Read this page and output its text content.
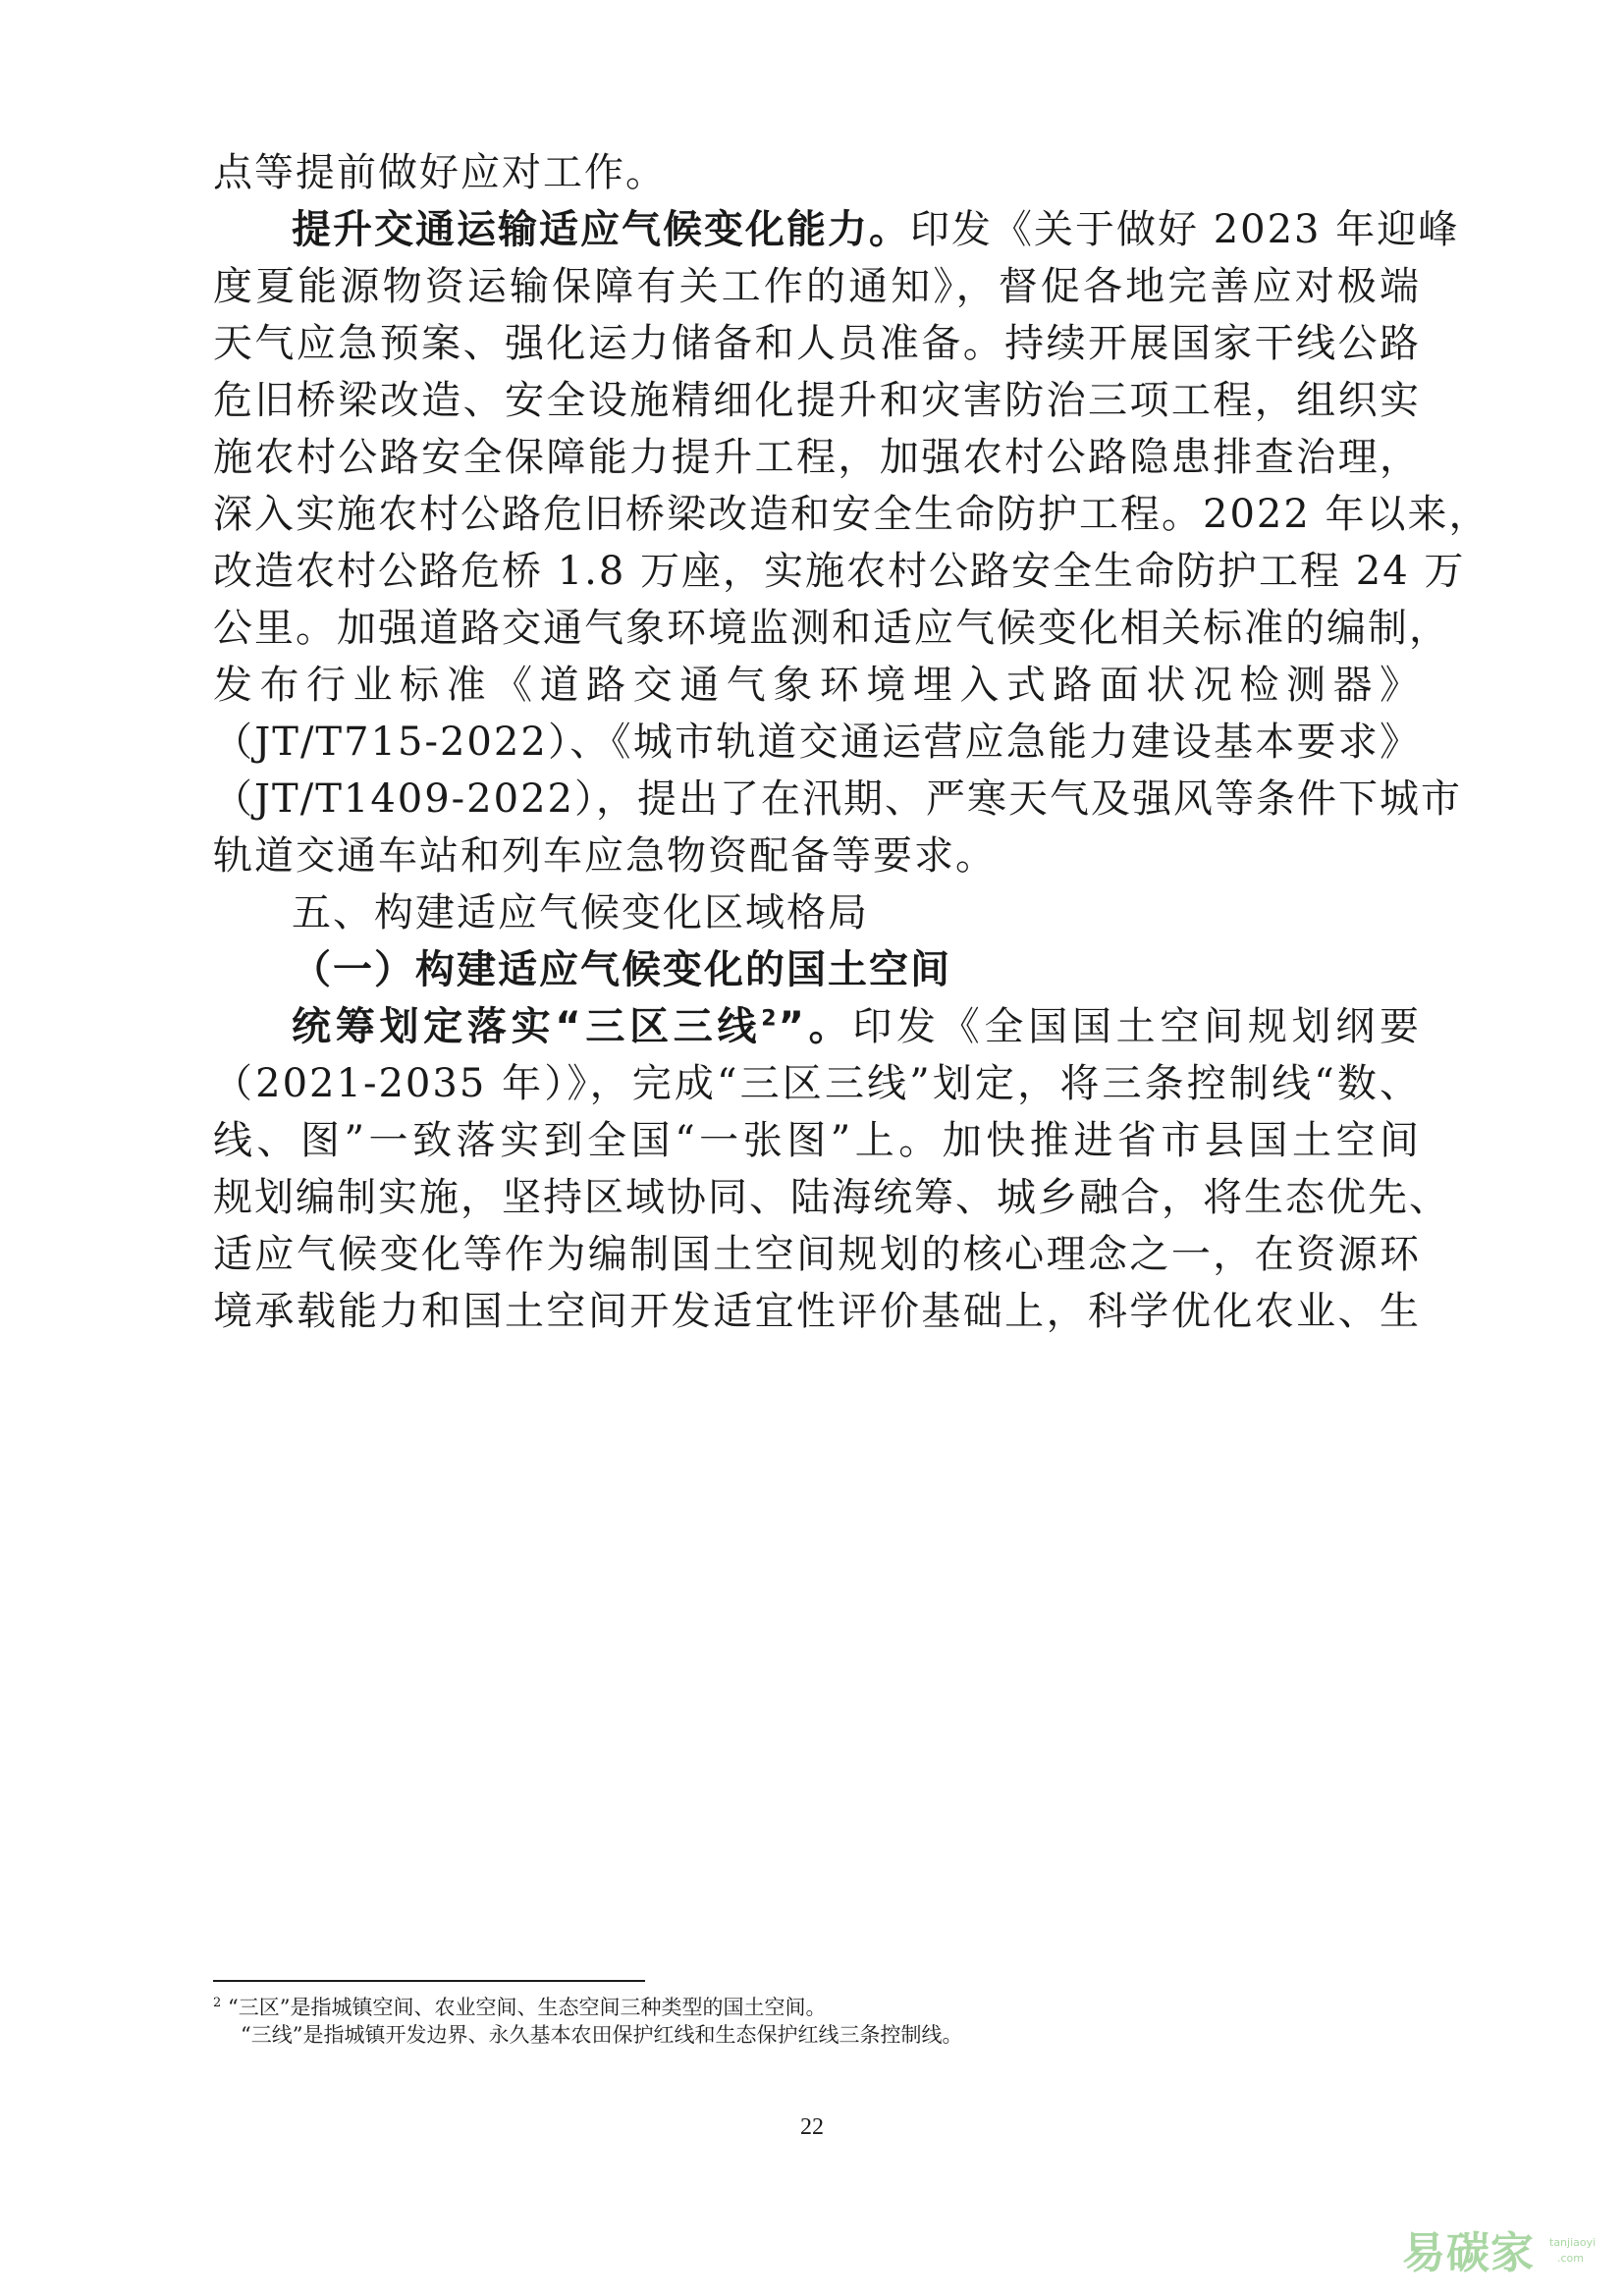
点等提前做好应对工作。
提升交通运输适应气候变化能力。印发《关于做好 2023 年迎峰
度夏能源物资运输保障有关工作的通知》，督促各地完善应对极端
天气应急预案、强化运力储备和人员准备。持续开展国家干线公路
危旧桥梁改造、安全设施精细化提升和灾害防治三项工程，组织实
施农村公路安全保障能力提升工程，加强农村公路隐患排查治理，
深入实施农村公路危旧桥梁改造和安全生命防护工程。2022 年以来，
改造农村公路危桥 1.8 万座，实施农村公路安全生命防护工程 24 万
公里。加强道路交通气象环境监测和适应气候变化相关标准的编制，
发布行业标准《道路交通气象环境埋入式路面状况检测器》
（JT/T715-2022）、《城市轨道交通运营应急能力建设基本要求》
（JT/T1409-2022），提出了在汛期、严寒天气及强风等条件下城市
轨道交通车站和列车应急物资配备等要求。
五、构建适应气候变化区域格局
（一）构建适应气候变化的国土空间
统筹划定落实“三区三线$^2$”。印发《全国国土空间规划纲要
（2021-2035 年）》，完成“三区三线”划定，将三条控制线“数、
线、图”一致落实到全国“一张图”上。加快推进省市县国土空间
规划编制实施，坚持区域协同、陆海统筹、城乡融合，将生态优先、
适应气候变化等作为编制国土空间规划的核心理念之一，在资源环
境承载能力和国土空间开发适宜性评价基础上，科学优化农业、生
$^2$ “三区”是指城镇空间、农业空间、生态空间三种类型的国土空间。
“三线”是指城镇开发边界、永久基本农田保护红线和生态保护红线三条控制线。
22
易碳家 tanjiaoyi
.com
